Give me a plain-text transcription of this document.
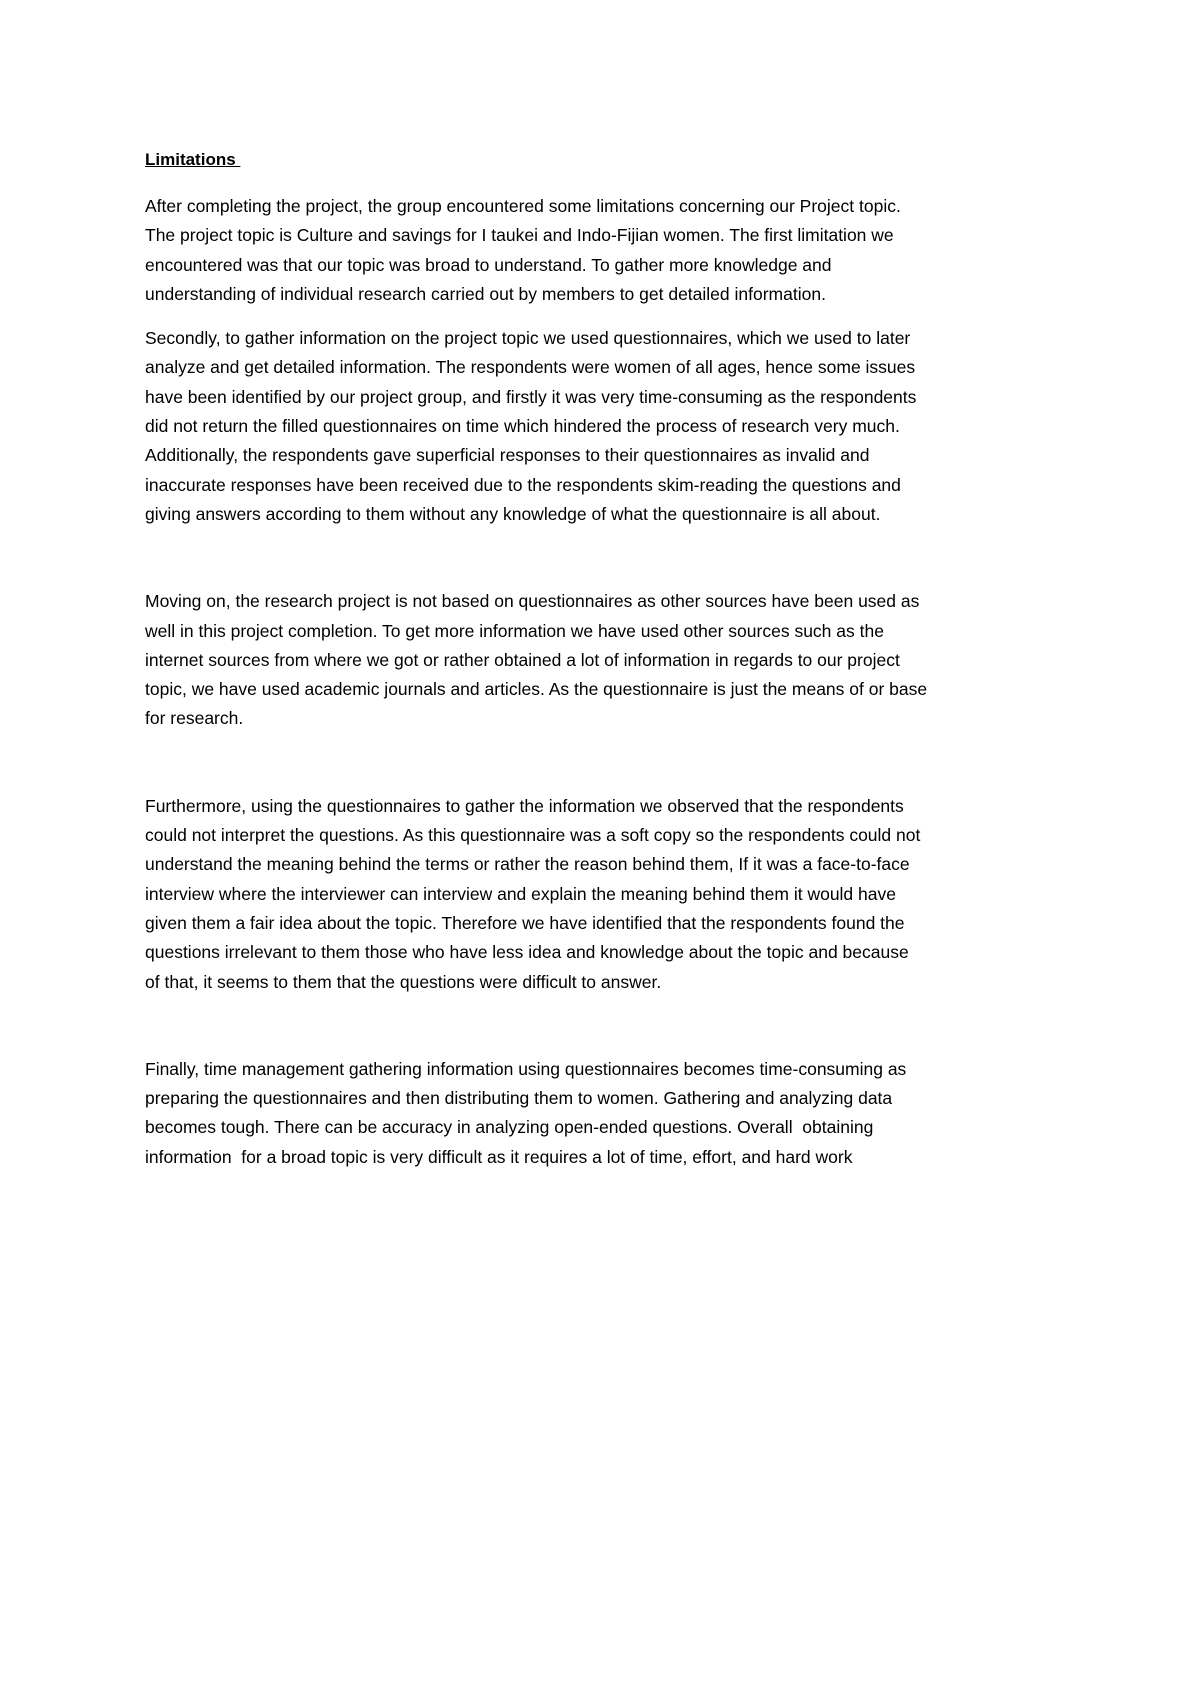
Limitations

After completing the project, the group encountered some limitations concerning our Project topic.
The project topic is Culture and savings for I taukei and Indo-Fijian women. The first limitation we
encountered was that our topic was broad to understand. To gather more knowledge and
understanding of individual research carried out by members to get detailed information.

Secondly, to gather information on the project topic we used questionnaires, which we used to later
analyze and get detailed information. The respondents were women of all ages, hence some issues
have been identified by our project group, and firstly it was very time-consuming as the respondents
did not return the filled questionnaires on time which hindered the process of research very much.
Additionally, the respondents gave superficial responses to their questionnaires as invalid and
inaccurate responses have been received due to the respondents skim-reading the questions and
giving answers according to them without any knowledge of what the questionnaire is all about.

Moving on, the research project is not based on questionnaires as other sources have been used as
well in this project completion. To get more information we have used other sources such as the
internet sources from where we got or rather obtained a lot of information in regards to our project
topic, we have used academic journals and articles. As the questionnaire is just the means of or base
for research.

Furthermore, using the questionnaires to gather the information we observed that the respondents
could not interpret the questions. As this questionnaire was a soft copy so the respondents could not
understand the meaning behind the terms or rather the reason behind them, If it was a face-to-face
interview where the interviewer can interview and explain the meaning behind them it would have
given them a fair idea about the topic. Therefore we have identified that the respondents found the
questions irrelevant to them those who have less idea and knowledge about the topic and because
of that, it seems to them that the questions were difficult to answer.

Finally, time management gathering information using questionnaires becomes time-consuming as
preparing the questionnaires and then distributing them to women. Gathering and analyzing data
becomes tough. There can be accuracy in analyzing open-ended questions. Overall  obtaining
information  for a broad topic is very difficult as it requires a lot of time, effort, and hard work
